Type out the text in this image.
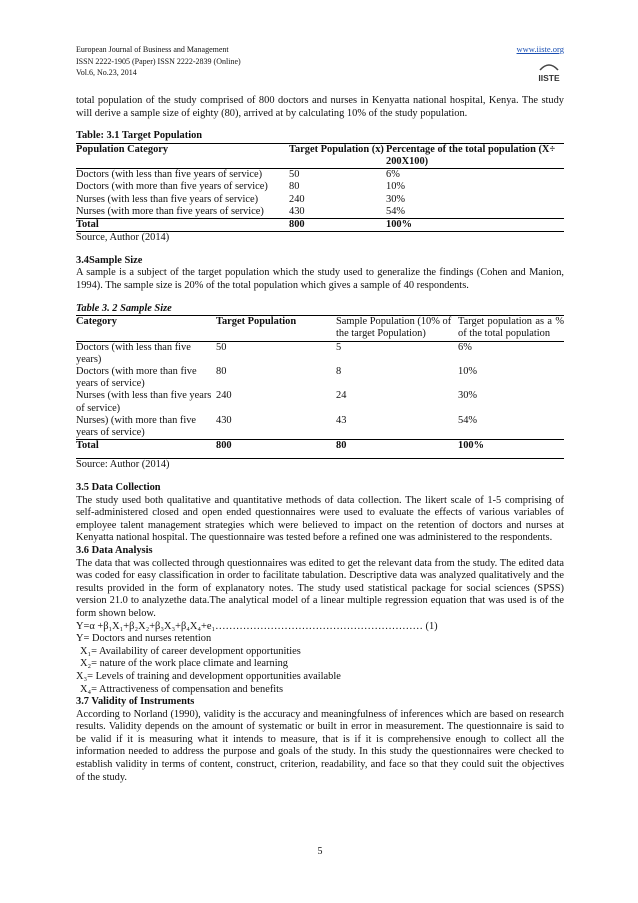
European Journal of Business and Management
ISSN 2222-1905 (Paper) ISSN 2222-2839 (Online)
Vol.6, No.23, 2014
www.iiste.org
IISTE

total population of the study comprised of 800 doctors and nurses in Kenyatta national hospital, Kenya. The study will derive a sample size of eighty (80), arrived at by calculating 10% of the study population.

Table: 3.1 Target Population
Population Category	Target Population (x)	Percentage of the total population (X÷ 200X100)
Doctors (with less than five years of service)	50	6%
Doctors (with more than five years of service)	80	10%
Nurses (with less than five years of service)	240	30%
Nurses (with more than five years of service)	430	54%
Total	800	100%
Source, Author (2014)
3.4Sample Size

A sample is a subject of the target population which the study used to generalize the findings (Cohen and Manion, 1994). The sample size is 20% of the total population which gives a sample of 40 respondents.

Table 3. 2 Sample Size
Category	Target Population	Sample Population (10% of the target Population)	Target population as a % of the total population
Doctors (with less than five years)	50	5	6%
Doctors (with more than five years of service)	80	8	10%
Nurses (with less than five years of service)	240	24	30%
Nurses) (with more than five years of service)	430	43	54%
Total	800	80	100%
Source: Author (2014)
3.5 Data Collection

The study used both qualitative and quantitative methods of data collection. The likert scale of 1-5 comprising of self-administered closed and open ended questionnaires were used to evaluate the effects of various variables of employee talent management strategies which were believed to impact on the retention of doctors and nurses at Kenyatta national hospital. The questionnaire was tested before a refined one was administered to the respondents.

3.6 Data Analysis

The data that was collected through questionnaires was edited to get the relevant data from the study. The edited data was coded for easy classification in order to facilitate tabulation. Descriptive data was analyzed qualitatively and the results provided in the form of explanatory notes. The study used statistical package for social sciences (SPSS) version 21.0 to analyzethe data.The analytical model of a linear multiple regression equation that was used is of the form shown below.

Y=α +β₁X₁+β₂X₂+β₃X₃+β₄X₄+e₁…………………………………………………… (1)
Y= Doctors and nurses retention
X₁= Availability of career development opportunities
X₂= nature of the work place climate and learning
X₃= Levels of training and development opportunities available
X₄= Attractiveness of compensation and benefits
3.7 Validity of Instruments

According to Norland (1990), validity is the accuracy and meaningfulness of inferences which are based on research results. Validity depends on the amount of systematic or built in error in measurement. The questionnaire is said to be valid if it is measuring what it intends to measure, that is if it is comprehensive enough to collect all the information needed to address the purpose and goals of the study. In this study the questionnaires were checked to establish validity in terms of content, construct, criterion, readability, and face so that they could suit the objectives of the study.

5
